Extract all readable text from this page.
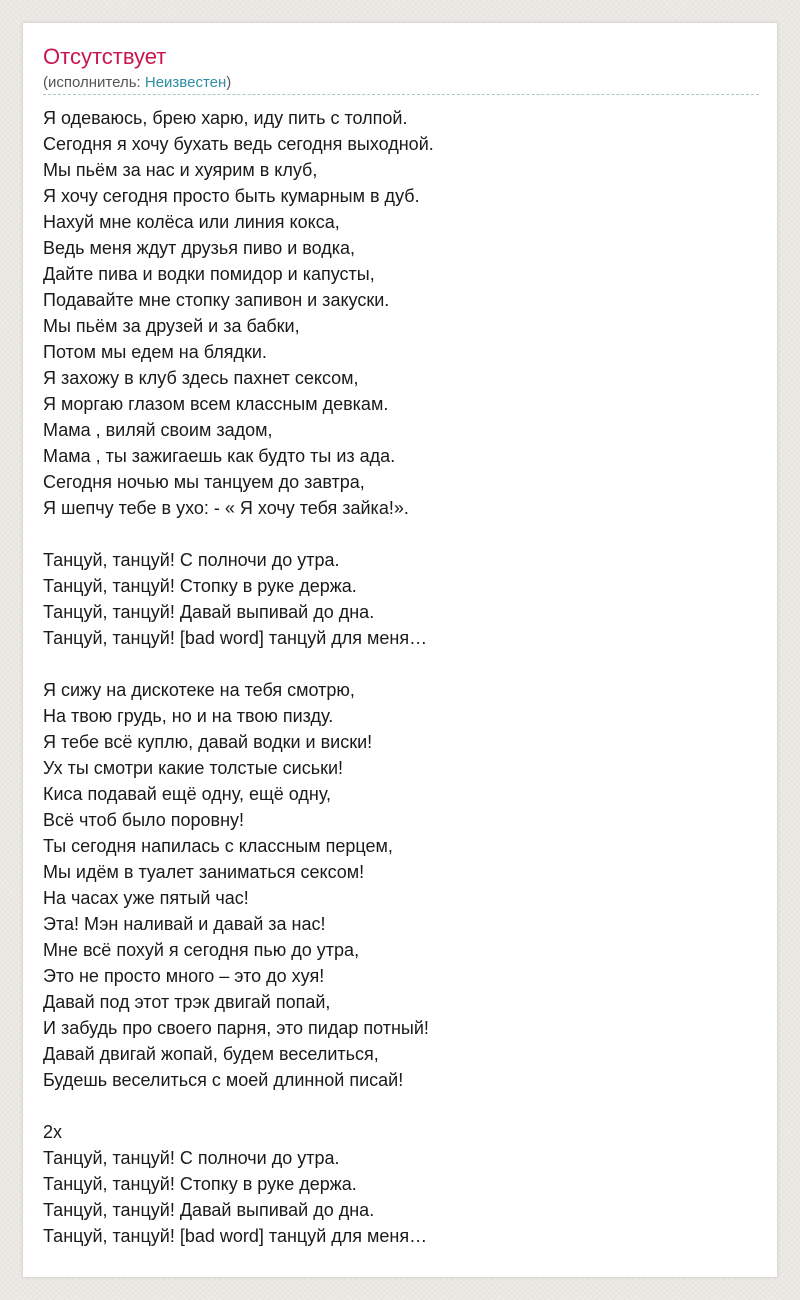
Отсутствует
(исполнитель: Неизвестен)
Я одеваюсь, брею харю, иду пить с толпой.
Сегодня я хочу бухать ведь сегодня выходной.
Мы пьём за нас и хуярим в клуб,
Я хочу сегодня просто быть кумарным в дуб.
Нахуй мне колёса или линия кокса,
Ведь меня ждут друзья пиво и водка,
Дайте пива и водки помидор и капусты,
Подавайте мне стопку запивон и закуски.
Мы пьём за друзей и за бабки,
Потом мы едем на блядки.
Я захожу в клуб здесь пахнет сексом,
Я моргаю глазом всем классным девкам.
Мама , виляй своим задом,
Мама , ты зажигаешь как будто ты из ада.
Сегодня ночью мы танцуем до завтра,
Я шепчу тебе в ухо: - « Я хочу тебя зайка!».
Танцуй, танцуй! С полночи до утра.
Танцуй, танцуй! Стопку в руке держа.
Танцуй, танцуй! Давай выпивай до дна.
Танцуй, танцуй! [bad word] танцуй для меня…
Я сижу на дискотеке на тебя смотрю,
На твою грудь, но и на твою пизду.
Я тебе всё куплю, давай водки и виски!
Ух ты смотри какие толстые сиськи!
Киса подавай ещё одну, ещё одну,
Всё чтоб было поровну!
Ты сегодня напилась с классным перцем,
Мы идём в туалет заниматься сексом!
На часах уже пятый час!
Эта! Мэн наливай и давай за нас!
Мне всё похуй я сегодня пью до утра,
Это не просто много – это до хуя!
Давай под этот трэк двигай попай,
И забудь про своего парня, это пидар потный!
Давай двигай жопай, будем веселиться,
Будешь веселиться с моей длинной писай!
2x
Танцуй, танцуй! С полночи до утра.
Танцуй, танцуй! Стопку в руке держа.
Танцуй, танцуй! Давай выпивай до дна.
Танцуй, танцуй! [bad word] танцуй для меня…
